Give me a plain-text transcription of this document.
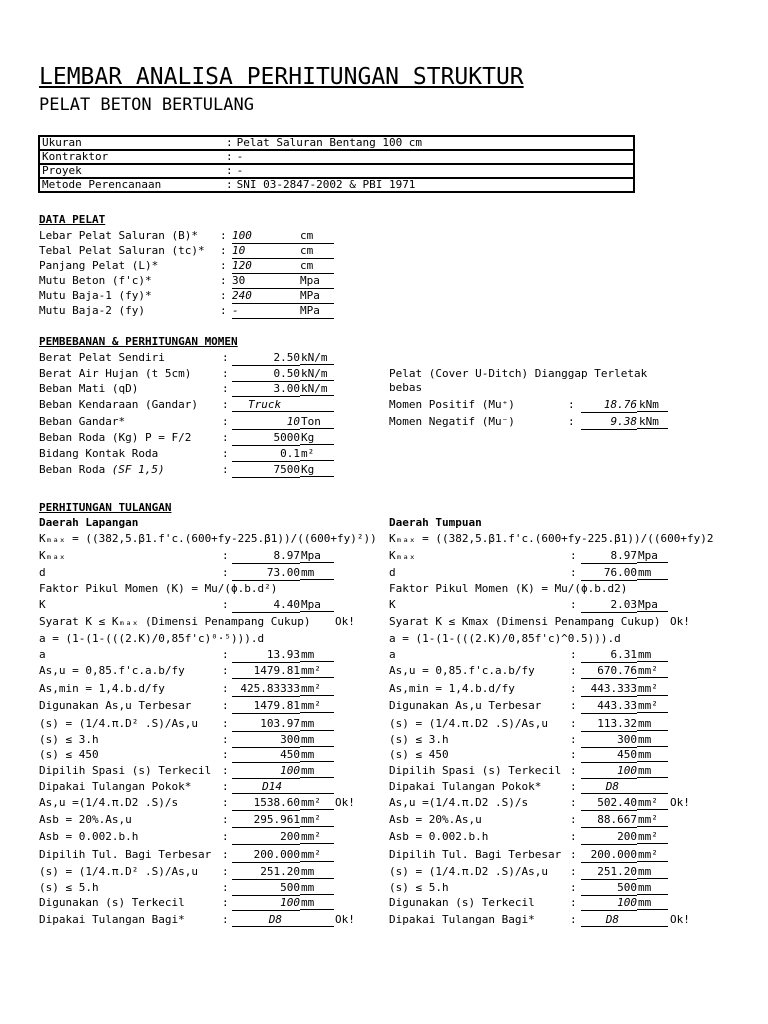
LEMBAR ANALISA PERHITUNGAN STRUKTUR
PELAT BETON BERTULANG
Ukuran	:	Pelat Saluran Bentang 100 cm
Kontraktor	:	-
Proyek	:	-
Metode Perencanaan	:	SNI 03-2847-2002 & PBI 1971
DATA PELAT
Lebar Pelat Saluran (B)* : 100	cm
Tebal Pelat Saluran (tc)* : 10	cm
Panjang Pelat (L)*	: 120	cm
Mutu Beton (f'c)*	: 30	Mpa
Mutu Baja-1 (fy)*	: 240	MPa
Mutu Baja-2 (fy)	: -	MPa
PEMBEBANAN & PERHITUNGAN MOMEN
Berat Pelat Sendiri	:	2.50 kN/m
Berat Air Hujan (t 5cm)	:	0.50 kN/m
Beban Mati (qD)	:	3.00 kN/m
Beban Kendaraan (Gandar) :	Truck
Beban Gandar*	:	10 Ton
Beban Roda (Kg) P = F/2	:	5000 Kg
Bidang Kontak Roda	:	0.1 m²
Beban Roda (SF 1,5)	:	7500 Kg
Pelat (Cover U-Ditch) Dianggap Terletak
bebas
Momen Positif (Mu⁺)	:	18.76 kNm
Momen Negatif (Mu⁻)	:	9.38 kNm
PERHITUNGAN TULANGAN
Daerah Lapangan	Daerah Tumpuan
Kₘₐₓ = ((382,5.β1.f'c.(600+fy-225.β1))/((600+fy)²)) Kₘₐₓ = ((382,5.β1.f'c.(600+fy-225.β1))/((600+fy)2
Kₘₐₓ	:	8.97 Mpa
d	:	73.00 mm
Faktor Pikul Momen (K) = Mu/(ϕ.b.d²)
K	:	4.40 Mpa
Syarat K ≤ Kₘₐₓ (Dimensi Penampang Cukup) Ok!
a = (1-(1-(((2.K)/0,85f'c)⁰·⁵))).d
a	:	13.93 mm
As,u = 0,85.f'c.a.b/fy	:	1479.81 mm²
As,min = 1,4.b.d/fy	:	425.83333 mm²
Digunakan As,u Terbesar	:	1479.81 mm²
(s) = (1/4.π.D² .S)/As,u :	103.97 mm
(s) ≤ 3.h	:	300 mm
(s) ≤ 450	:	450 mm
Dipilih Spasi (s) Terkecil :	100 mm
Dipakai Tulangan Pokok*	:	D14
As,u =(1/4.π.D2 .S)/s	:	1538.60 mm²	Ok!
Asb = 20%.As,u	:	295.961 mm²
Asb = 0.002.b.h	:	200 mm²
Dipilih Tul. Bagi Terbesar :	200.000 mm²
(s) = (1/4.π.D² .S)/As,u :	251.20 mm
(s) ≤ 5.h	:	500 mm
Digunakan (s) Terkecil	:	100 mm
Dipakai Tulangan Bagi*	:	D8	Ok!
Kₘₐₓ	:	8.97 Mpa
d	:	76.00 mm
Faktor Pikul Momen (K) = Mu/(ϕ.b.d2)
K	:	2.03 Mpa
Syarat K ≤ Kmax (Dimensi Penampang Cukup) Ok!
a = (1-(1-(((2.K)/0,85f'c)^0.5))).d
a	:	6.31 mm
As,u = 0,85.f'c.a.b/fy	:	670.76 mm²
As,min = 1,4.b.d/fy	:	443.333 mm²
Digunakan As,u Terbesar	:	443.33 mm²
(s) = (1/4.π.D2 .S)/As,u :	113.32 mm
(s) ≤ 3.h	:	300 mm
(s) ≤ 450	:	450 mm
Dipilih Spasi (s) Terkecil :	100 mm
Dipakai Tulangan Pokok*	:	D8
As,u =(1/4.π.D2 .S)/s	:	502.40 mm²	Ok!
Asb = 20%.As,u	:	88.667 mm²
Asb = 0.002.b.h	:	200 mm²
Dipilih Tul. Bagi Terbesar :	200.000 mm²
(s) = (1/4.π.D2 .S)/As,u :	251.20 mm
(s) ≤ 5.h	:	500 mm
Digunakan (s) Terkecil	:	100 mm
Dipakai Tulangan Bagi*	:	D8	Ok!
